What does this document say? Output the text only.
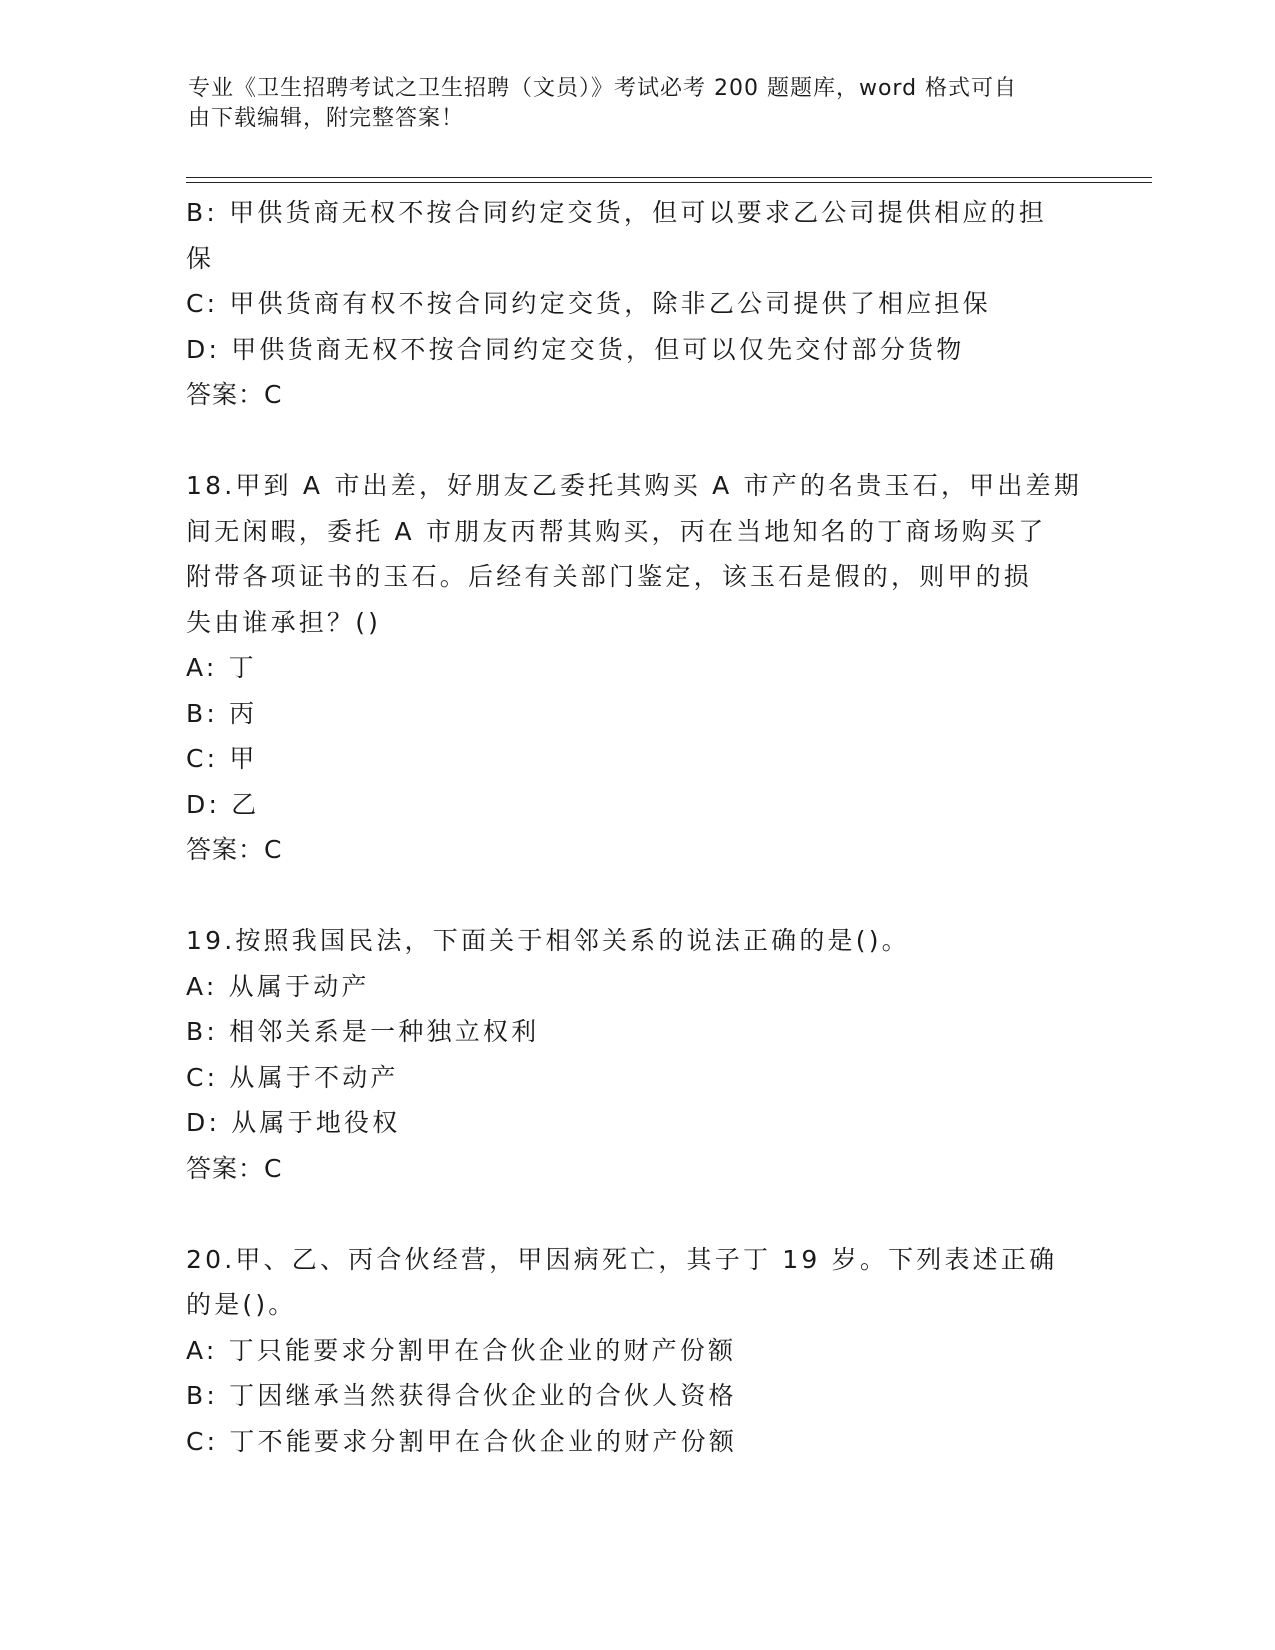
专业《卫生招聘考试之卫生招聘（文员）》考试必考 200 题题库，word 格式可自
由下载编辑，附完整答案！
B: 甲供货商无权不按合同约定交货，但可以要求乙公司提供相应的担
保
C: 甲供货商有权不按合同约定交货，除非乙公司提供了相应担保
D: 甲供货商无权不按合同约定交货，但可以仅先交付部分货物
答案：C
18.甲到 A 市出差，好朋友乙委托其购买 A 市产的名贵玉石，甲出差期
间无闲暇，委托 A 市朋友丙帮其购买，丙在当地知名的丁商场购买了
附带各项证书的玉石。后经有关部门鉴定，该玉石是假的，则甲的损
失由谁承担？()
A: 丁
B: 丙
C: 甲
D: 乙
答案：C
19.按照我国民法，下面关于相邻关系的说法正确的是()。
A: 从属于动产
B: 相邻关系是一种独立权利
C: 从属于不动产
D: 从属于地役权
答案：C
20.甲、乙、丙合伙经营，甲因病死亡，其子丁 19 岁。下列表述正确
的是()。
A: 丁只能要求分割甲在合伙企业的财产份额
B: 丁因继承当然获得合伙企业的合伙人资格
C: 丁不能要求分割甲在合伙企业的财产份额
